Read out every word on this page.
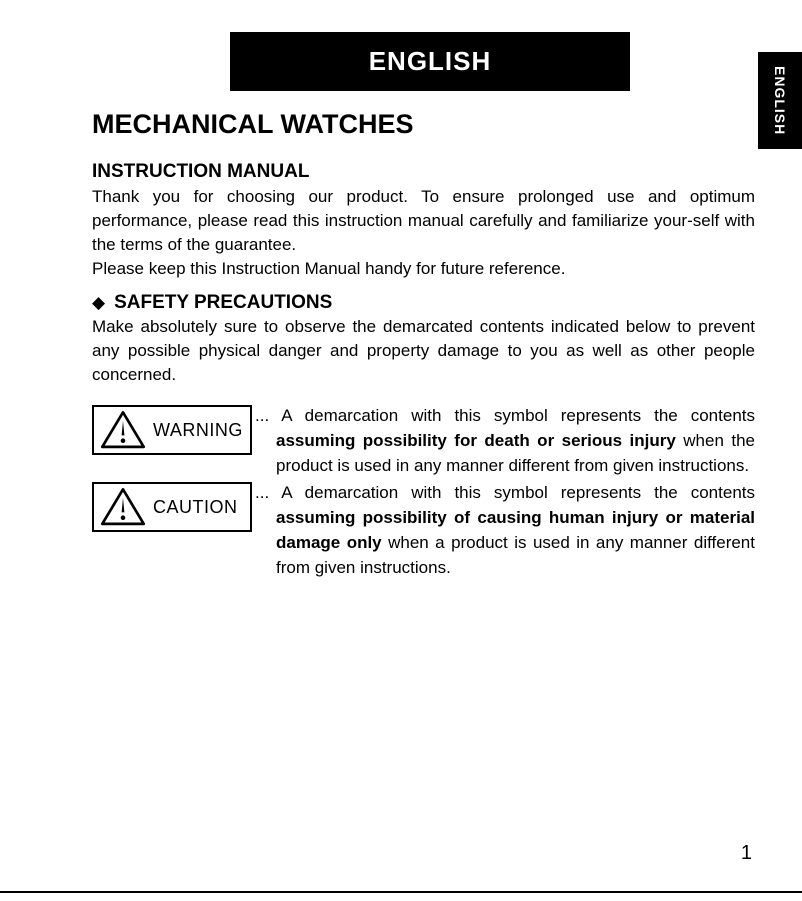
ENGLISH
ENGLISH
MECHANICAL WATCHES
INSTRUCTION MANUAL

Thank you for choosing our product. To ensure prolonged use and optimum performance, please read this instruction manual carefully and familiarize your-self with the terms of the guarantee.

Please keep this Instruction Manual handy for future reference.

◆ SAFETY PRECAUTIONS

Make absolutely sure to observe the demarcated contents indicated below to prevent any possible physical danger and property damage to you as well as other people concerned.

WARNING
... A demarcation with this symbol represents the contents assuming possibility for death or serious injury when the product is used in any manner different from given instructions.
CAUTION
... A demarcation with this symbol represents the contents assuming possibility of causing human injury or material damage only when a product is used in any manner different from given instructions.
1
